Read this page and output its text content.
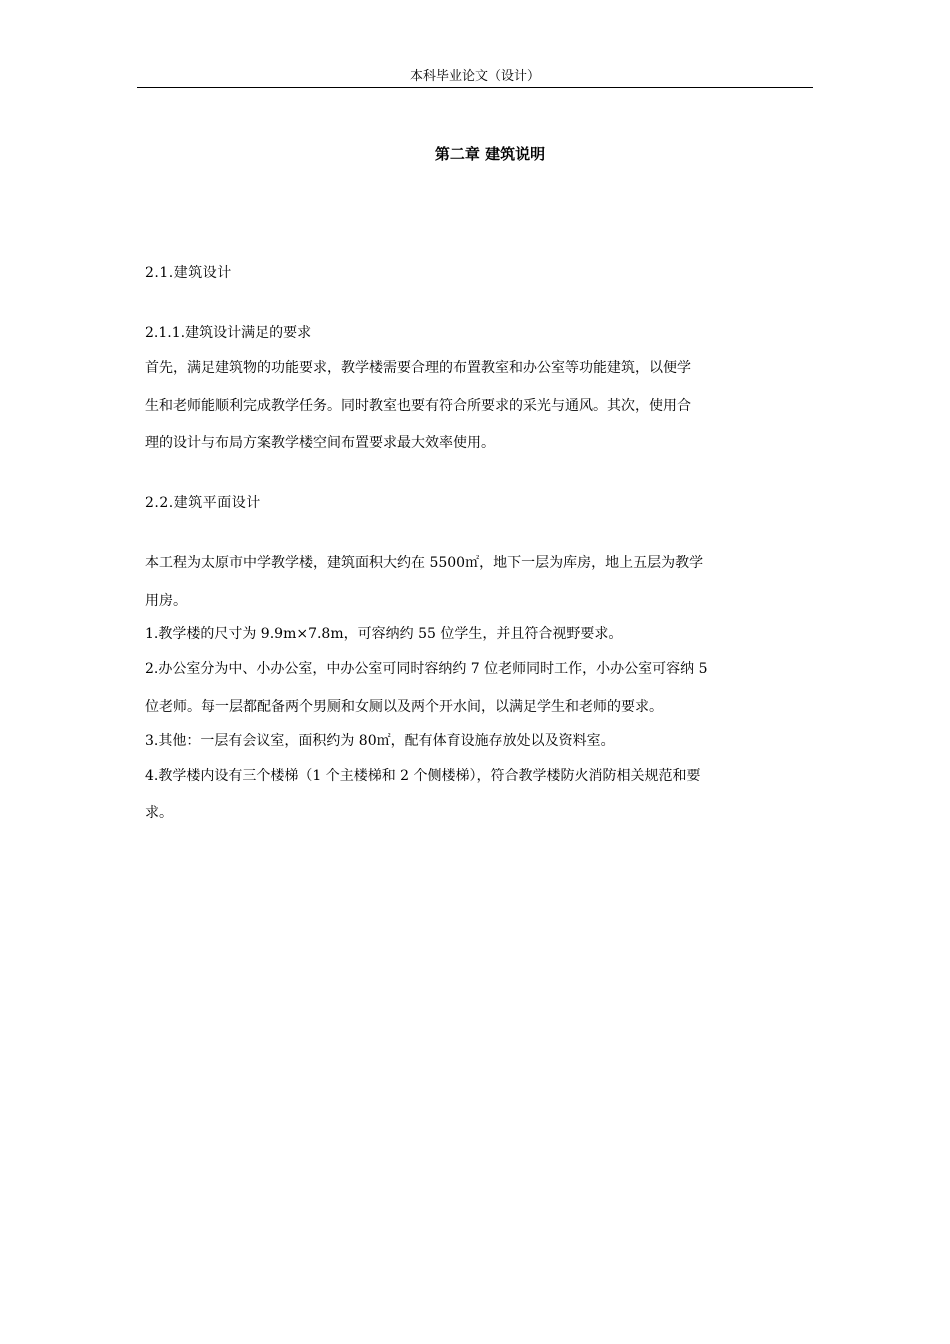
本科毕业论文（设计）
第二章 建筑说明
2.1.建筑设计
2.1.1.建筑设计满足的要求
首先，满足建筑物的功能要求，教学楼需要合理的布置教室和办公室等功能建筑，以便学
生和老师能顺利完成教学任务。同时教室也要有符合所要求的采光与通风。其次，使用合
理的设计与布局方案教学楼空间布置要求最大效率使用。
2.2.建筑平面设计
本工程为太原市中学教学楼，建筑面积大约在 5500㎡，地下一层为库房，地上五层为教学
用房。
1.教学楼的尺寸为 9.9m×7.8m，可容纳约 55 位学生，并且符合视野要求。
2.办公室分为中、小办公室，中办公室可同时容纳约 7 位老师同时工作，小办公室可容纳 5
位老师。每一层都配备两个男厕和女厕以及两个开水间，以满足学生和老师的要求。
3.其他：一层有会议室，面积约为 80㎡，配有体育设施存放处以及资料室。
4.教学楼内设有三个楼梯（1 个主楼梯和 2 个侧楼梯），符合教学楼防火消防相关规范和要
求。
